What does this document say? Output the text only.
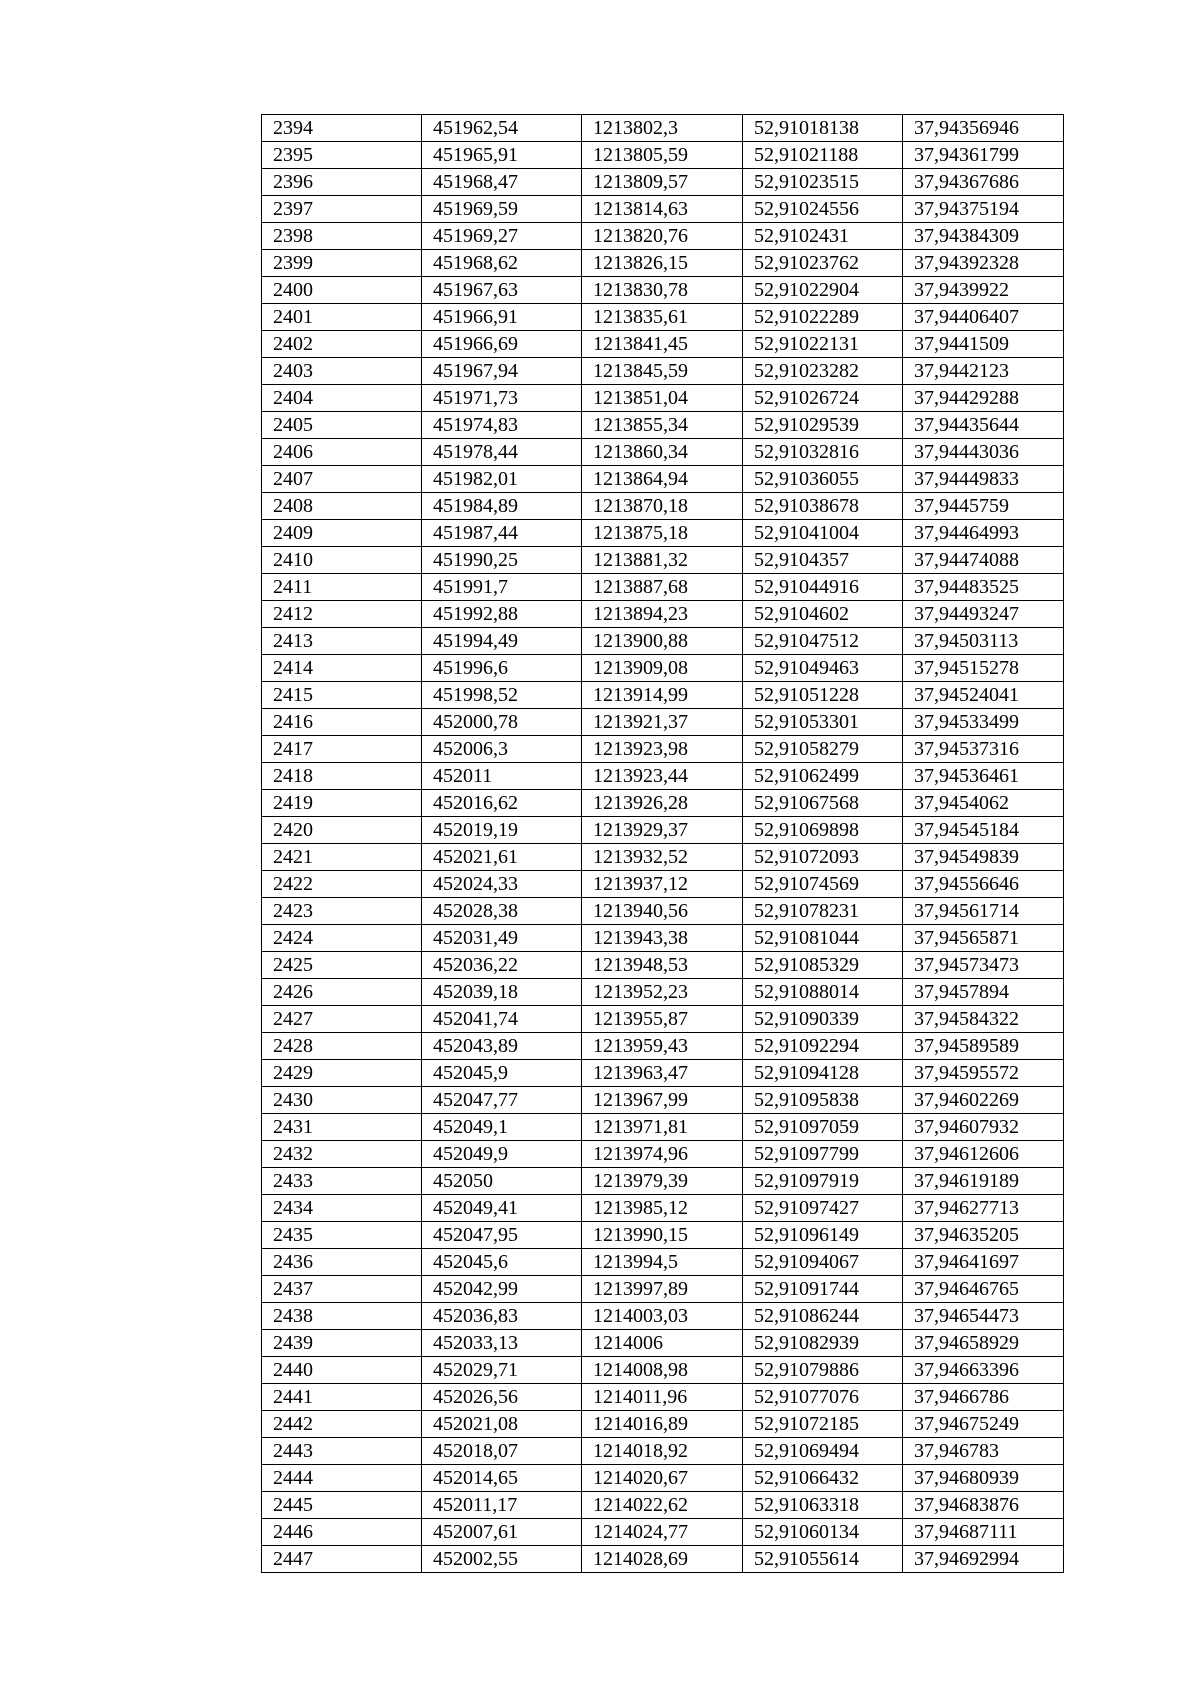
2394	451962,54	1213802,3	52,91018138	37,94356946
2395	451965,91	1213805,59	52,91021188	37,94361799
2396	451968,47	1213809,57	52,91023515	37,94367686
2397	451969,59	1213814,63	52,91024556	37,94375194
2398	451969,27	1213820,76	52,9102431	37,94384309
2399	451968,62	1213826,15	52,91023762	37,94392328
2400	451967,63	1213830,78	52,91022904	37,9439922
2401	451966,91	1213835,61	52,91022289	37,94406407
2402	451966,69	1213841,45	52,91022131	37,9441509
2403	451967,94	1213845,59	52,91023282	37,9442123
2404	451971,73	1213851,04	52,91026724	37,94429288
2405	451974,83	1213855,34	52,91029539	37,94435644
2406	451978,44	1213860,34	52,91032816	37,94443036
2407	451982,01	1213864,94	52,91036055	37,94449833
2408	451984,89	1213870,18	52,91038678	37,9445759
2409	451987,44	1213875,18	52,91041004	37,94464993
2410	451990,25	1213881,32	52,9104357	37,94474088
2411	451991,7	1213887,68	52,91044916	37,94483525
2412	451992,88	1213894,23	52,9104602	37,94493247
2413	451994,49	1213900,88	52,91047512	37,94503113
2414	451996,6	1213909,08	52,91049463	37,94515278
2415	451998,52	1213914,99	52,91051228	37,94524041
2416	452000,78	1213921,37	52,91053301	37,94533499
2417	452006,3	1213923,98	52,91058279	37,94537316
2418	452011	1213923,44	52,91062499	37,94536461
2419	452016,62	1213926,28	52,91067568	37,9454062
2420	452019,19	1213929,37	52,91069898	37,94545184
2421	452021,61	1213932,52	52,91072093	37,94549839
2422	452024,33	1213937,12	52,91074569	37,94556646
2423	452028,38	1213940,56	52,91078231	37,94561714
2424	452031,49	1213943,38	52,91081044	37,94565871
2425	452036,22	1213948,53	52,91085329	37,94573473
2426	452039,18	1213952,23	52,91088014	37,9457894
2427	452041,74	1213955,87	52,91090339	37,94584322
2428	452043,89	1213959,43	52,91092294	37,94589589
2429	452045,9	1213963,47	52,91094128	37,94595572
2430	452047,77	1213967,99	52,91095838	37,94602269
2431	452049,1	1213971,81	52,91097059	37,94607932
2432	452049,9	1213974,96	52,91097799	37,94612606
2433	452050	1213979,39	52,91097919	37,94619189
2434	452049,41	1213985,12	52,91097427	37,94627713
2435	452047,95	1213990,15	52,91096149	37,94635205
2436	452045,6	1213994,5	52,91094067	37,94641697
2437	452042,99	1213997,89	52,91091744	37,94646765
2438	452036,83	1214003,03	52,91086244	37,94654473
2439	452033,13	1214006	52,91082939	37,94658929
2440	452029,71	1214008,98	52,91079886	37,94663396
2441	452026,56	1214011,96	52,91077076	37,9466786
2442	452021,08	1214016,89	52,91072185	37,94675249
2443	452018,07	1214018,92	52,91069494	37,946783
2444	452014,65	1214020,67	52,91066432	37,94680939
2445	452011,17	1214022,62	52,91063318	37,94683876
2446	452007,61	1214024,77	52,91060134	37,94687111
2447	452002,55	1214028,69	52,91055614	37,94692994
